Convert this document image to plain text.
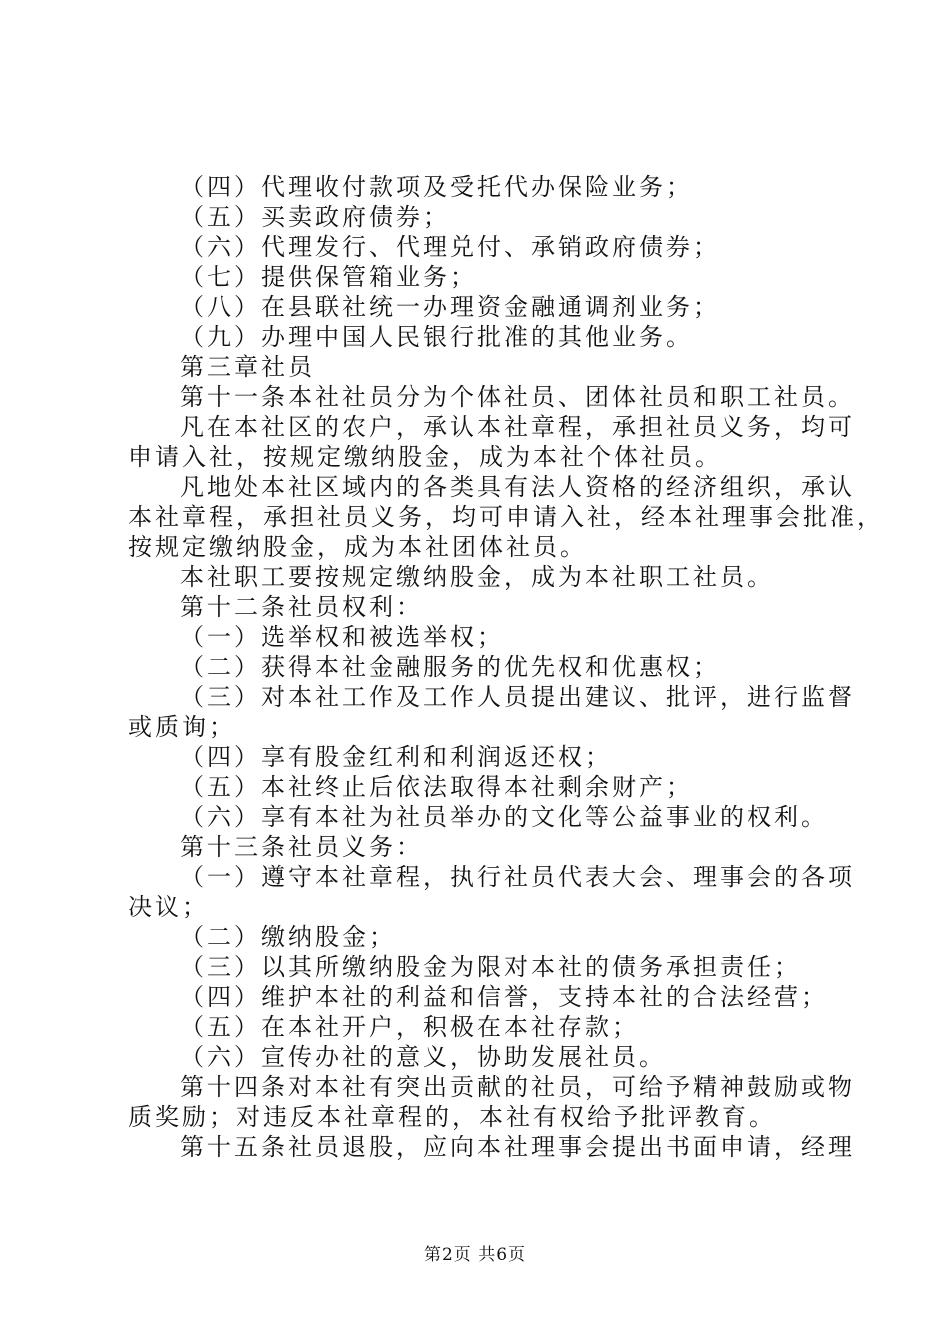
（四）代理收付款项及受托代办保险业务；
（五）买卖政府债券；
（六）代理发行、代理兑付、承销政府债券；
（七）提供保管箱业务；
（八）在县联社统一办理资金融通调剂业务；
（九）办理中国人民银行批准的其他业务。
第三章社员
第十一条本社社员分为个体社员、团体社员和职工社员。
凡在本社区的农户，承认本社章程，承担社员义务，均可
申请入社，按规定缴纳股金，成为本社个体社员。
凡地处本社区域内的各类具有法人资格的经济组织，承认
本社章程，承担社员义务，均可申请入社，经本社理事会批准，
按规定缴纳股金，成为本社团体社员。
本社职工要按规定缴纳股金，成为本社职工社员。
第十二条社员权利：
（一）选举权和被选举权；
（二）获得本社金融服务的优先权和优惠权；
（三）对本社工作及工作人员提出建议、批评，进行监督
或质询；
（四）享有股金红利和利润返还权；
（五）本社终止后依法取得本社剩余财产；
（六）享有本社为社员举办的文化等公益事业的权利。
第十三条社员义务：
（一）遵守本社章程，执行社员代表大会、理事会的各项
决议；
（二）缴纳股金；
（三）以其所缴纳股金为限对本社的债务承担责任；
（四）维护本社的利益和信誉，支持本社的合法经营；
（五）在本社开户，积极在本社存款；
（六）宣传办社的意义，协助发展社员。
第十四条对本社有突出贡献的社员，可给予精神鼓励或物
质奖励；对违反本社章程的，本社有权给予批评教育。
第十五条社员退股，应向本社理事会提出书面申请，经理
第2页 共6页
